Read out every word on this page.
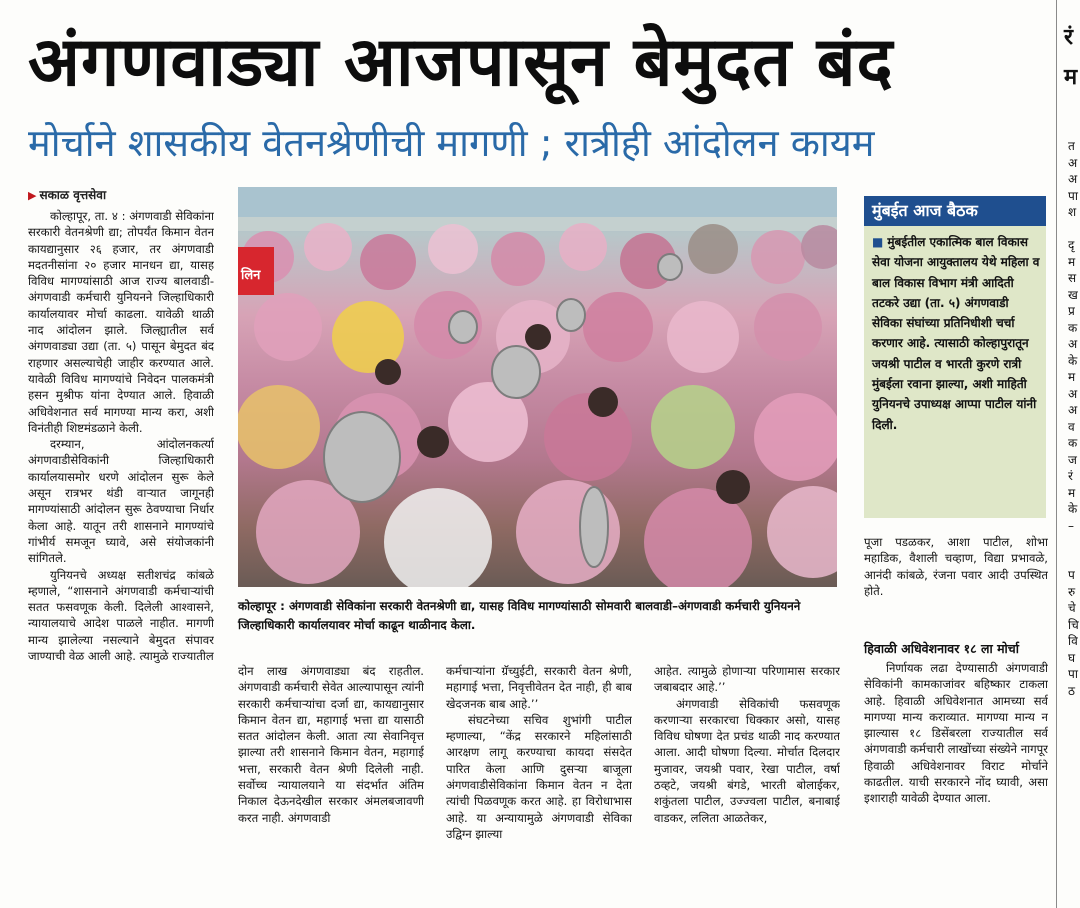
अंगणवाड्या आजपासून बेमुदत बंद
मोर्चाने शासकीय वेतनश्रेणीची मागणी ; रात्रीही आंदोलन कायम
▶ सकाळ वृत्तसेवा

कोल्हापूर, ता. ४ : अंगणवाडी सेविकांना सरकारी वेतनश्रेणी द्या; तोपर्यंत किमान वेतन कायद्यानुसार २६ हजार, तर अंगणवाडी मदतनीसांना २० हजार मानधन द्या, यासह विविध मागण्यांसाठी आज राज्य बालवाडी-अंगणवाडी कर्मचारी युनियनने जिल्हाधिकारी कार्यालयावर मोर्चा काढला. यावेळी थाळी नाद आंदोलन झाले. जिल्ह्यातील सर्व अंगणवाड्या उद्या (ता. ५) पासून बेमुदत बंद राहणार असल्याचेही जाहीर करण्यात आले. यावेळी विविध मागण्यांचे निवेदन पालकमंत्री हसन मुश्रीफ यांना देण्यात आले. हिवाळी अधिवेशनात सर्व मागण्या मान्य करा, अशी विनंतीही शिष्टमंडळाने केली.

दरम्यान, आंदोलनकर्त्या अंगणवाडीसेविकांनी जिल्हाधिकारी कार्यालयासमोर धरणे आंदोलन सुरू केले असून रात्रभर थंडी वाऱ्यात जागूनही मागण्यांसाठी आंदोलन सुरू ठेवण्याचा निर्धार केला आहे. यातून तरी शासनाने मागण्यांचे गांभीर्य समजून घ्यावे, असे संयोजकांनी सांगितले.

युनियनचे अध्यक्ष सतीशचंद्र कांबळे म्हणाले, “शासनाने अंगणवाडी कर्मचाऱ्यांची सतत फसवणूक केली. दिलेली आश्वासने, न्यायालयाचे आदेश पाळले नाहीत. मागणी मान्य झालेल्या नसल्याने बेमुदत संपावर जाण्याची वेळ आली आहे. त्यामुळे राज्यातील

लिन
कोल्हापूर : अंगणवाडी सेविकांना सरकारी वेतनश्रेणी द्या, यासह विविध मागण्यांसाठी सोमवारी बालवाडी–अंगणवाडी कर्मचारी युनियनने जिल्हाधिकारी कार्यालयावर मोर्चा काढून थाळीनाद केला.

दोन लाख अंगणवाड्या बंद राहतील. अंगणवाडी कर्मचारी सेवेत आल्यापासून त्यांनी सरकारी कर्मचाऱ्यांचा दर्जा द्या, कायद्यानुसार किमान वेतन द्या, महागाई भत्ता द्या यासाठी सतत आंदोलन केली. आता त्या सेवानिवृत्त झाल्या तरी शासनाने किमान वेतन, महागाई भत्ता, सरकारी वेतन श्रेणी दिलेली नाही. सर्वोच्च न्यायालयाने या संदर्भात अंतिम निकाल देऊनदेखील सरकार अंमलबजावणी करत नाही. अंगणवाडी

कर्मचाऱ्यांना ग्रॅच्युईटी, सरकारी वेतन श्रेणी, महागाई भत्ता, निवृत्तीवेतन देत नाही, ही बाब खेदजनक बाब आहे.’’

संघटनेच्या सचिव शुभांगी पाटील म्हणाल्या, “केंद्र सरकारने महिलांसाठी आरक्षण लागू करण्याचा कायदा संसदेत पारित केला आणि दुसऱ्या बाजूला अंगणवाडीसेविकांना किमान वेतन न देता त्यांची पिळवणूक करत आहे. हा विरोधाभास आहे. या अन्यायामुळे अंगणवाडी सेविका उद्विग्न झाल्या

आहेत. त्यामुळे होणाऱ्या परिणामास सरकार जबाबदार आहे.’’

अंगणवाडी सेविकांची फसवणूक करणाऱ्या सरकारचा धिक्कार असो, यासह विविध घोषणा देत प्रचंड थाळी नाद करण्यात आला. आदी घोषणा दिल्या. मोर्चात दिलदार मुजावर, जयश्री पवार, रेखा पाटील, वर्षा ठव्हटे, जयश्री बंगडे, भारती बोलाईकर, शकुंतला पाटील, उज्ज्वला पाटील, बनाबाई वाडकर, ललिता आळतेकर,

मुंबईत आज बैठक
■ मुंबईतील एकात्मिक बाल विकास सेवा योजना आयुक्तालय येथे महिला व बाल विकास विभाग मंत्री आदिती तटकरे उद्या (ता. ५) अंगणवाडी सेविका संघांच्या प्रतिनिधीशी चर्चा करणार आहे. त्यासाठी कोल्हापुरातून जयश्री पाटील व भारती कुरणे रात्री मुंबईला रवाना झाल्या, अशी माहिती युनियनचे उपाध्यक्ष आप्पा पाटील यांनी दिली.

पूजा पडळकर, आशा पाटील, शोभा महाडिक, वैशाली चव्हाण, विद्या प्रभावळे, आनंदी कांबळे, रंजना पवार आदी उपस्थित होते.

हिवाळी अधिवेशनावर १८ ला मोर्चा

निर्णायक लढा देण्यासाठी अंगणवाडी सेविकांनी कामकाजांवर बहिष्कार टाकला आहे. हिवाळी अधिवेशनात आमच्या सर्व मागण्या मान्य कराव्यात. मागण्या मान्य न झाल्यास १८ डिसेंबरला राज्यातील सर्व अंगणवाडी कर्मचारी लाखोंच्या संख्येने नागपूर हिवाळी अधिवेशनावर विराट मोर्चाने काढतील. याची सरकारने नोंद घ्यावी, असा इशाराही यावेळी देण्यात आला.

रं
म
त
अ
अ
पा
श
दृ
म
स
ख
प्र
क
अ
के
म
अ
अ
व
क
ज
रं
म
के
–
प
रु
चे
चि
वि
घ
पा
ठ
